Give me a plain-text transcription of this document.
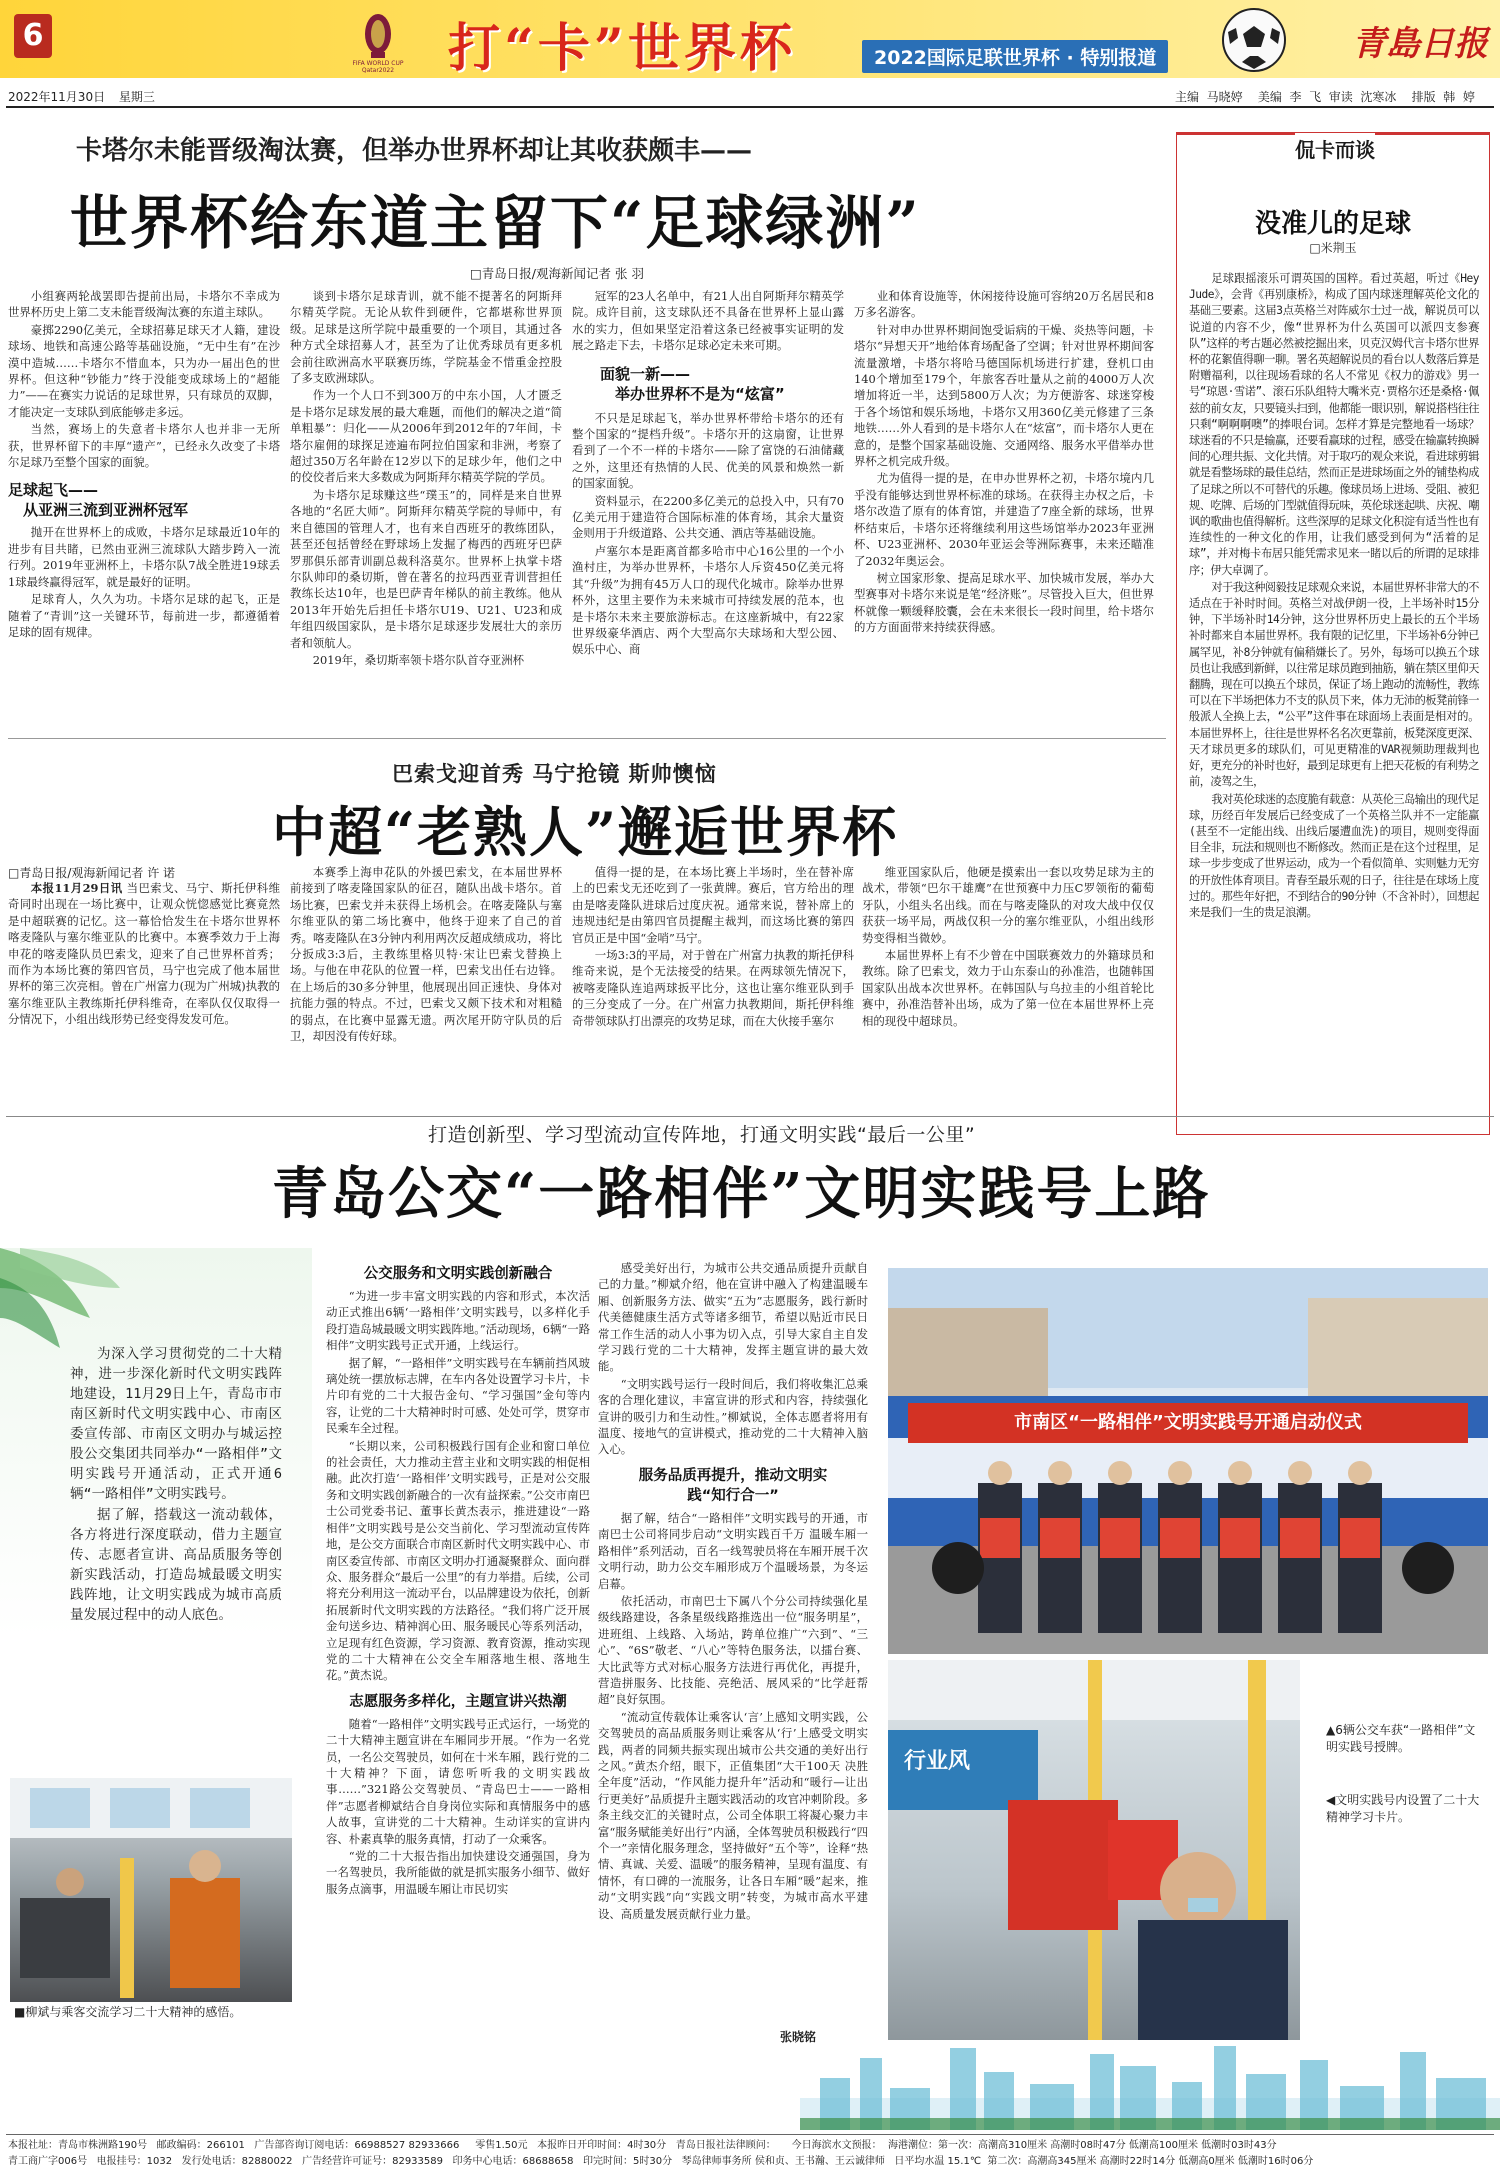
6
FIFA WORLD CUP Qatar2022	打“卡”世界杯	2022国际足联世界杯 · 特别报道	青島日报
2022年11月30日 星期三	主编  马晓婷    美编  李  飞  审读  沈寒冰    排版  韩  婷
卡塔尔未能晋级淘汰赛，但举办世界杯却让其收获颇丰——
世界杯给东道主留下“足球绿洲”
□青岛日报/观海新闻记者 张 羽

小组赛两轮战罢即告提前出局，卡塔尔不幸成为世界杯历史上第二支未能晋级淘汰赛的东道主球队。

豪掷2290亿美元，全球招募足球天才人籍，建设球场、地铁和高速公路等基础设施，“无中生有”在沙漠中造城……卡塔尔不惜血本，只为办一届出色的世界杯。但这种“钞能力”终于没能变成球场上的“超能力”——在赛实力说话的足球世界，只有球员的双脚，才能决定一支球队到底能够走多远。

当然，赛场上的失意者卡塔尔人也并非一无所获，世界杯留下的丰厚“遗产”，已经永久改变了卡塔尔足球乃至整个国家的面貌。

足球起飞——
从亚洲三流到亚洲杯冠军

抛开在世界杯上的成败，卡塔尔足球最近10年的进步有目共睹，已然由亚洲三流球队大踏步跨入一流行列。2019年亚洲杯上，卡塔尔队7战全胜进19球丢1球最终赢得冠军，就是最好的证明。

足球育人，久久为功。卡塔尔足球的起飞，正是随着了“青训”这一关键环节，每前进一步，都遵循着足球的固有规律。

谈到卡塔尔足球青训，就不能不提著名的阿斯拜尔精英学院。无论从软件到硬件，它都堪称世界顶级。足球是这所学院中最重要的一个项目，其通过各种方式全球招募人才，甚至为了让优秀球员有更多机会前往欧洲高水平联赛历练，学院基金不惜重金控股了多支欧洲球队。

作为一个人口不到300万的中东小国，人才匮乏是卡塔尔足球发展的最大难题，而他们的解决之道“简单粗暴”：归化——从2006年到2012年的7年间，卡塔尔雇佣的球探足迹遍布阿拉伯国家和非洲，考察了超过350万名年龄在12岁以下的足球少年，他们之中的佼佼者后来大多数成为阿斯拜尔精英学院的学员。

为卡塔尔足球赚这些“璞玉”的，同样是来自世界各地的“名匠大师”。阿斯拜尔精英学院的导师中，有来自德国的管理人才，也有来自西班牙的教练团队，甚至还包括曾经在野球场上发掘了梅西的西班牙巴萨罗那俱乐部青训副总裁科洛莫尔。世界杯上执掌卡塔尔队帅印的桑切斯，曾在著名的拉玛西亚青训营担任教练长达10年，也是巴萨青年梯队的前主教练。他从2013年开始先后担任卡塔尔U19、U21、U23和成年组四级国家队，是卡塔尔足球逐步发展壮大的亲历者和领航人。

2019年，桑切斯率领卡塔尔队首夺亚洲杯

冠军的23人名单中，有21人出自阿斯拜尔精英学院。成许目前，这支球队还不具备在世界杯上显山露水的实力，但如果坚定沿着这条已经被事实证明的发展之路走下去，卡塔尔足球必定未来可期。

面貌一新——
举办世界杯不是为“炫富”

不只是足球起飞，举办世界杯带给卡塔尔的还有整个国家的“提档升级”。卡塔尔开的这扇窗，让世界看到了一个不一样的卡塔尔——除了富饶的石油储藏之外，这里还有热情的人民、优美的风景和焕然一新的国家面貌。

资料显示，在2200多亿美元的总投入中，只有70亿美元用于建造符合国际标准的体育场，其余大量资金则用于升级道路、公共交通、酒店等基础设施。

卢塞尔本是距离首都多哈市中心16公里的一个小渔村庄，为举办世界杯，卡塔尔人斥资450亿美元将其“升级”为拥有45万人口的现代化城市。除举办世界杯外，这里主要作为未来城市可持续发展的范本，也是卡塔尔未来主要旅游标志。在这座新城中，有22家世界级豪华酒店、两个大型高尔夫球场和大型公园、娱乐中心、商

业和体育设施等，休闲接待设施可容纳20万名居民和8万多名游客。

针对申办世界杯期间饱受诟病的干燥、炎热等问题，卡塔尔“异想天开”地给体育场配备了空调；针对世界杯期间客流量激增，卡塔尔将哈马德国际机场进行扩建，登机口由140个增加至179个，年旅客吞吐量从之前的4000万人次增加将近一半，达到5800万人次；为方便游客、球迷穿梭于各个场馆和娱乐场地，卡塔尔又用360亿美元修建了三条地铁……外人看到的是卡塔尔人在“炫富”，而卡塔尔人更在意的，是整个国家基础设施、交通网络、服务水平借举办世界杯之机完成升级。

尤为值得一提的是，在申办世界杯之初，卡塔尔境内几乎没有能够达到世界杯标准的球场。在获得主办权之后，卡塔尔改造了原有的体育馆，并建造了7座全新的球场，世界杯结束后，卡塔尔还将继续利用这些场馆举办2023年亚洲杯、U23亚洲杯、2030年亚运会等洲际赛事，未来还瞄准了2032年奥运会。

树立国家形象、提高足球水平、加快城市发展，举办大型赛事对卡塔尔来说是笔“经济账”。尽管投入巨大，但世界杯就像一颗缓释胶囊，会在未来很长一段时间里，给卡塔尔的方方面面带来持续获得感。

侃卡而谈
没准儿的足球
□米荆玉

足球跟摇滚乐可谓英国的国粹。看过英超，听过《Hey Jude》，会背《再别康桥》，构成了国内球迷理解英伦文化的基础三要素。这届3点英格兰对阵威尔士过一战，解说员可以说道的内容不少，像“世界杯为什么英国可以派四支参赛队”这样的考古题必然被挖掘出来，贝克汉姆代言卡塔尔世界杯的花絮值得聊一聊。署名英超解说员的看台以人数落后算是附赠福利，以往现场看球的名人不常见《权力的游戏》男一号“琼恩·雪诺”、滚石乐队组特大嘴米克·贾格尔还是桑格·佩兹的前女友，只要镜头扫到，他都能一眼识别，解说搭档往往只剩“啊啊啊噢”的捧哏台词。怎样才算是完整地看一场球？球迷看的不只是输赢，还要看赢球的过程，感受在输赢转换瞬间的心理共振、文化共情。对于取巧的观众来说，看进球剪辑就是看整场球的最佳总结，然而正是进球场面之外的铺垫构成了足球之所以不可替代的乐趣。像球员场上进场、受阻、被犯规、吃牌、后场的门型就值得玩味，英伦球迷起哄、庆祝、嘲讽的歌曲也值得解析。这些深厚的足球文化积淀有适当性也有连续性的一种文化的作用，让我们感受到何为“活着的足球”，并对梅卡布居只能凭需求见来一睹以后的所谓的足球排序；伊大卓调了。

对于我这种阅毅技足球观众来说，本届世界杯非常大的不适点在于补时时间。英格兰对战伊朗一役，上半场补时15分钟，下半场补时14分钟，这分世界杯历史上最长的五个半场补时都来自本届世界杯。我有限的记忆里，下半场补6分钟已属罕见，补8分钟就有偏稍嫌长了。另外，每场可以换五个球员也让我感到新鲜，以往常足球员跑到抽筋，躺在禁区里仰天翻腾，现在可以换五个球员，保证了场上跑动的流畅性，教练可以在下半场把体力不支的队员下来，体力无沛的板凳前锋一般派人全换上去，“公平”这件事在球面场上表面是相对的。本届世界杯上，往往是世界杯名名次更靠前，板凳深度更深、天才球员更多的球队们，可见更精准的VAR视频助理裁判也好，更充分的补时也好，最到足球更有上把天花板的有利势之前，凌驾之生，

我对英伦球迷的态度脆有载意：从英伦三岛输出的现代足球，历经百年发展后已经变成了一个英格兰队并不一定能赢(甚至不一定能出线、出线后屡遭血洗)的项目，规则变得面目全非，玩法和规则也不断修改。然而正是在这个过程里，足球一步步变成了世界运动，成为一个看似简单、实则魅力无穷的开放性体育项目。青春至最乐观的日子，往往是在球场上度过的。那些年好把，不到结合的90分钟（不含补时），回想起来是我们一生的贵足浪潮。

巴索戈迎首秀 马宁抢镜 斯帅懊恼
中超“老熟人”邂逅世界杯
□青岛日报/观海新闻记者 许 诺

本报11月29日讯 当巴索戈、马宁、斯托伊科维奇同时出现在一场比赛中，让观众恍惚感觉比赛竟然是中超联赛的记忆。这一幕恰恰发生在卡塔尔世界杯喀麦隆队与塞尔维亚队的比赛中。本赛季效力于上海申花的喀麦隆队员巴索戈，迎来了自己世界杯首秀；而作为本场比赛的第四官员，马宁也完成了他本届世界杯的第三次亮相。曾在广州富力(现为广州城)执教的塞尔维亚队主教练斯托伊科维奇，在率队仅仅取得一分情况下，小组出线形势已经变得发发可危。

本赛季上海申花队的外援巴索戈，在本届世界杯前接到了喀麦隆国家队的征召，随队出战卡塔尔。首场比赛，巴索戈并未获得上场机会。在喀麦隆队与塞尔维亚队的第二场比赛中，他终于迎来了自己的首秀。喀麦隆队在3分钟内利用两次反超成绩成功，将比分扳成3:3后，主教练里格贝特·宋让巴索戈替换上场。与他在申花队的位置一样，巴索戈出任右边锋。在上场后的30多分钟里，他展现出回正速快、身体对抗能力强的特点。不过，巴索戈又颇下技术和对粗糙的弱点，在比赛中显露无遗。两次尾开防守队员的后卫，却因没有传好球。

值得一提的是，在本场比赛上半场时，坐在替补席上的巴索戈无还吃到了一张黄牌。赛后，官方给出的理由是喀麦隆队进球后过度庆祝。通常来说，替补席上的违规违纪是由第四官员提醒主裁判，而这场比赛的第四官员正是中国“金哨”马宁。

一场3:3的平局，对于曾在广州富力执教的斯托伊科维奇来说，是个无法接受的结果。在两球领先情况下，被喀麦隆队连追两球扳平比分，这也让塞尔维亚队到手的三分变成了一分。在广州富力执教期间，斯托伊科维奇带领球队打出漂亮的攻势足球，而在大伙接手塞尔

维亚国家队后，他硬是摸索出一套以攻势足球为主的战术，带领“巴尔干雄鹰”在世预赛中力压C罗领衔的葡萄牙队，小组头名出线。而在与喀麦隆队的对攻大战中仅仅获获一场平局，两战仅积一分的塞尔维亚队，小组出线形势变得相当微妙。

本届世界杯上有不少曾在中国联赛效力的外籍球员和教练。除了巴索戈，效力于山东泰山的孙准浩，也随韩国国家队出战本次世界杯。在韩国队与乌拉圭的小组首轮比赛中，孙准浩替补出场，成为了第一位在本届世界杯上亮相的现役中超球员。

打造创新型、学习型流动宣传阵地，打通文明实践“最后一公里”
青岛公交“一路相伴”文明实践号上路

为深入学习贯彻党的二十大精神，进一步深化新时代文明实践阵地建设，11月29日上午，青岛市市南区新时代文明实践中心、市南区委宣传部、市南区文明办与城运控股公交集团共同举办“一路相伴”文明实践号开通活动，正式开通6辆“一路相伴”文明实践号。

据了解，搭载这一流动载体，各方将进行深度联动，借力主题宣传、志愿者宣讲、高品质服务等创新实践活动，打造岛城最暖文明实践阵地，让文明实践成为城市高质量发展过程中的动人底色。

■柳斌与乘客交流学习二十大精神的感悟。
公交服务和文明实践创新融合

“为进一步丰富文明实践的内容和形式，本次活动正式推出6辆‘一路相伴’文明实践号，以多样化手段打造岛城最暖文明实践阵地。”活动现场，6辆“一路相伴”文明实践号正式开通，上线运行。

据了解，“一路相伴”文明实践号在车辆前挡风玻璃处统一摆放标志牌，在车内各处设置学习卡片，卡片印有党的二十大报告金句、“学习强国”金句等内容，让党的二十大精神时时可感、处处可学，贯穿市民乘车全过程。

“长期以来，公司积极践行国有企业和窗口单位的社会责任，大力推动主营主业和文明实践的相促相融。此次打造‘一路相伴’文明实践号，正是对公交服务和文明实践创新融合的一次有益探索。”公交市南巴士公司党委书记、董事长黄杰表示，推进建设“一路相伴”文明实践号是公交当前化、学习型流动宣传阵地，是公交方面联合市南区新时代文明实践中心、市南区委宣传部、市南区文明办打通凝聚群众、面向群众、服务群众“最后一公里”的有力举措。后续，公司将充分利用这一流动平台，以品牌建设为依托，创新拓展新时代文明实践的方法路径。“我们将广泛开展金句送乡边、精神润心田、服务暖民心等系列活动，立足现有红色资源，学习资源、教育资源，推动实现党的二十大精神在公交全车厢落地生根、落地生花。”黄杰说。

志愿服务多样化，主题宣讲兴热潮

随着“一路相伴”文明实践号正式运行，一场党的二十大精神主题宣讲在车厢同步开展。“作为一名党员，一名公交驾驶员，如何在十米车厢，践行党的二十大精神？下面，请您听听我的文明实践故事……”321路公交驾驶员、“青岛巴士——一路相伴”志愿者柳斌结合自身岗位实际和真情服务中的感人故事，宣讲党的二十大精神。生动详实的宣讲内容、朴素真挚的服务真情，打动了一众乘客。

“党的二十大报告指出加快建设交通强国，身为一名驾驶员，我所能做的就是抓实服务小细节、做好服务点滴事，用温暖车厢让市民切实

感受美好出行，为城市公共交通品质提升贡献自己的力量。”柳斌介绍，他在宣讲中融入了构建温暖车厢、创新服务方法、做实“五为”志愿服务，践行新时代美德健康生活方式等诸多细节，希望以贴近市民日常工作生活的动人小事为切入点，引导大家自主自发学习践行党的二十大精神，发挥主题宣讲的最大效能。

“文明实践号运行一段时间后，我们将收集汇总乘客的合理化建议，丰富宣讲的形式和内容，持续强化宣讲的吸引力和生动性。”柳斌说，全体志愿者将用有温度、接地气的宣讲模式，推动党的二十大精神入脑入心。

服务品质再提升，推动文明实践“知行合一”

据了解，结合“一路相伴”文明实践号的开通，市南巴士公司将同步启动“文明实践百千万 温暖车厢一路相伴”系列活动，百名一线驾驶员将在车厢开展千次文明行动，助力公交车厢形成万个温暖场景，为冬运启幕。

依托活动，市南巴士下属八个分公司持续强化星级线路建设，各条星级线路推选出一位“服务明星”，进班组、上线路、入场站，跨单位推广“六到”、“三心”、“6S”敬老、“八心”等特色服务法，以擂台赛、大比武等方式对标心服务方法进行再优化，再提升，营造拼服务、比技能、亮绝活、展风采的“比学赶帮超”良好氛围。

“流动宣传载体让乘客认‘言’上感知文明实践，公交驾驶员的高品质服务则让乘客从‘行’上感受文明实践，两者的同频共振实现出城市公共交通的美好出行之风。”黄杰介绍，眼下，正值集团“大干100天 决胜全年度”活动，“作风能力提升年”活动和“暖行—让出行更美好”品质提升主题实践活动的攻官冲刺阶段。多条主线交汇的关键时点，公司全体职工将凝心聚力丰富“服务赋能美好出行”内涵，全体驾驶员积极践行“四个一”亲情化服务理念，坚持做好“五个等”，诠释“热情、真诚、关爱、温暖”的服务精神，呈现有温度、有情怀，有口碑的一流服务，让各日车厢“暖”起来，推动“文明实践”向“实践文明”转变，为城市高水平建设、高质量发展贡献行业力量。

市南区“一路相伴”文明实践号开通启动仪式
行业风
▲6辆公交车获“一路相伴”文明实践号授牌。
◀文明实践号内设置了二十大精神学习卡片。
张晓铭
本报社址：青岛市株洲路190号 邮政编码：266101 广告部咨询订阅电话：66988527 82933666 零售1.50元 本报昨日开印时间：4时30分 青岛日报社法律顾问： 今日海滨水文预报： 海港潮位：第一次：高潮高310厘米 高潮时08时47分 低潮高100厘米 低潮时03时43分
青工商广字006号 电报挂号：1032 发行处电话：82880022 广告经营许可证号：82933589 印务中心电话：68688658 印完时间：5时30分 琴岛律师事务所 侯和贞、王书瀚、王云诚律师 日平均水温 15.1℃ 第二次：高潮高345厘米 高潮时22时14分 低潮高0厘米 低潮时16时06分
